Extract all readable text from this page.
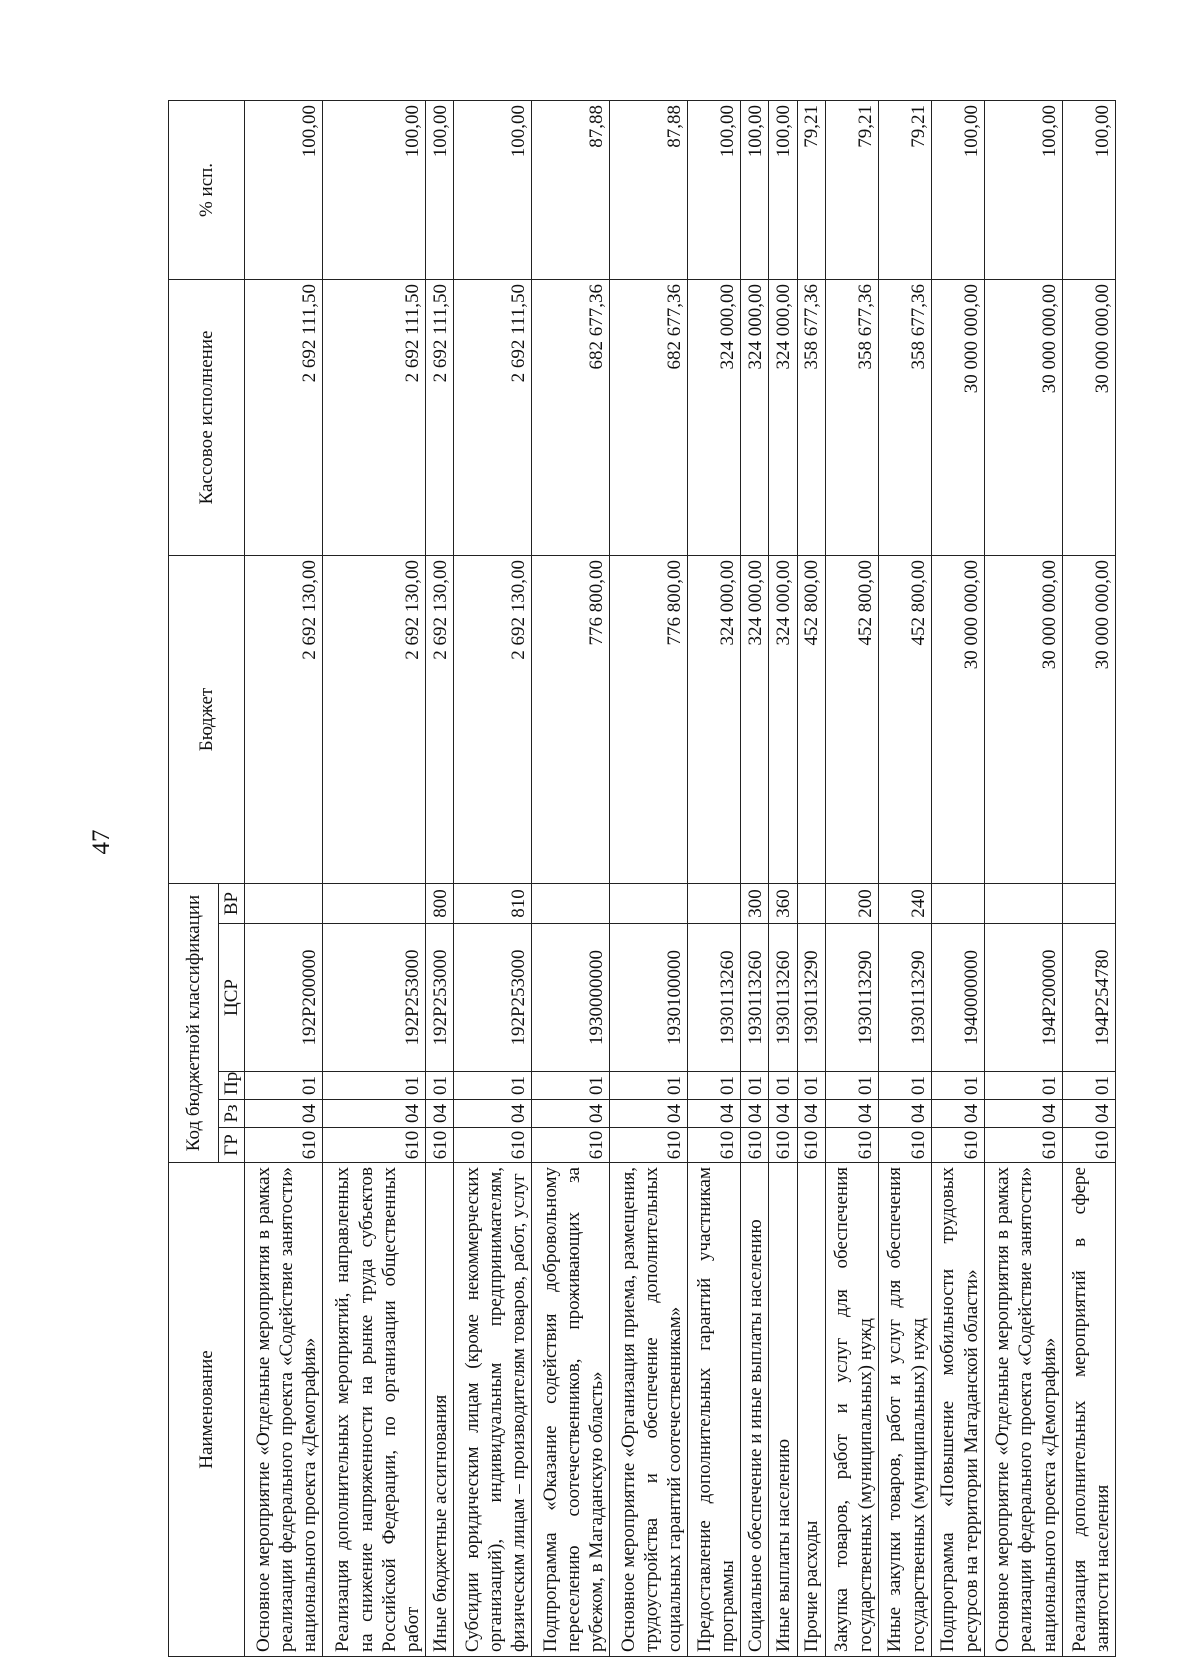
47
Наименование	Код бюджетной классификации					Бюджет	Кассовое исполнение	% исп.
	ГР	Рз	Пр	ЦСР	ВР			
Основное мероприятие «Отдельные мероприятия в рамках реализации федерального проекта «Содействие занятости» национального проекта «Демография»	610	04	01	192P200000		2 692 130,00	2 692 111,50	100,00
Реализация дополнительных мероприятий, направленных на снижение напряженности на рынке труда субъектов Российской Федерации, по организации общественных работ	610	04	01	192P253000		2 692 130,00	2 692 111,50	100,00
Иные бюджетные ассигнования	610	04	01	192P253000	800	2 692 130,00	2 692 111,50	100,00
Субсидии юридическим лицам (кроме некоммерческих организаций), индивидуальным предпринимателям, физическим лицам – производителям товаров, работ, услуг	610	04	01	192P253000	810	2 692 130,00	2 692 111,50	100,00
Подпрограмма «Оказание содействия добровольному переселению соотечественников, проживающих за рубежом, в Магаданскую область»	610	04	01	1930000000		776 800,00	682 677,36	87,88
Основное мероприятие «Организация приема, размещения, трудоустройства и обеспечение дополнительных социальных гарантий соотечественникам»	610	04	01	1930100000		776 800,00	682 677,36	87,88
Предоставление дополнительных гарантий участникам программы	610	04	01	1930113260		324 000,00	324 000,00	100,00
Социальное обеспечение и иные выплаты населению	610	04	01	1930113260	300	324 000,00	324 000,00	100,00
Иные выплаты населению	610	04	01	1930113260	360	324 000,00	324 000,00	100,00
Прочие расходы	610	04	01	1930113290		452 800,00	358 677,36	79,21
Закупка товаров, работ и услуг для обеспечения государственных (муниципальных) нужд	610	04	01	1930113290	200	452 800,00	358 677,36	79,21
Иные закупки товаров, работ и услуг для обеспечения государственных (муниципальных) нужд	610	04	01	1930113290	240	452 800,00	358 677,36	79,21
Подпрограмма «Повышение мобильности трудовых ресурсов на территории Магаданской области»	610	04	01	1940000000		30 000 000,00	30 000 000,00	100,00
Основное мероприятие «Отдельные мероприятия в рамках реализации федерального проекта «Содействие занятости» национального проекта «Демография»	610	04	01	194P200000		30 000 000,00	30 000 000,00	100,00
Реализация дополнительных мероприятий в сфере занятости населения	610	04	01	194P254780		30 000 000,00	30 000 000,00	100,00
